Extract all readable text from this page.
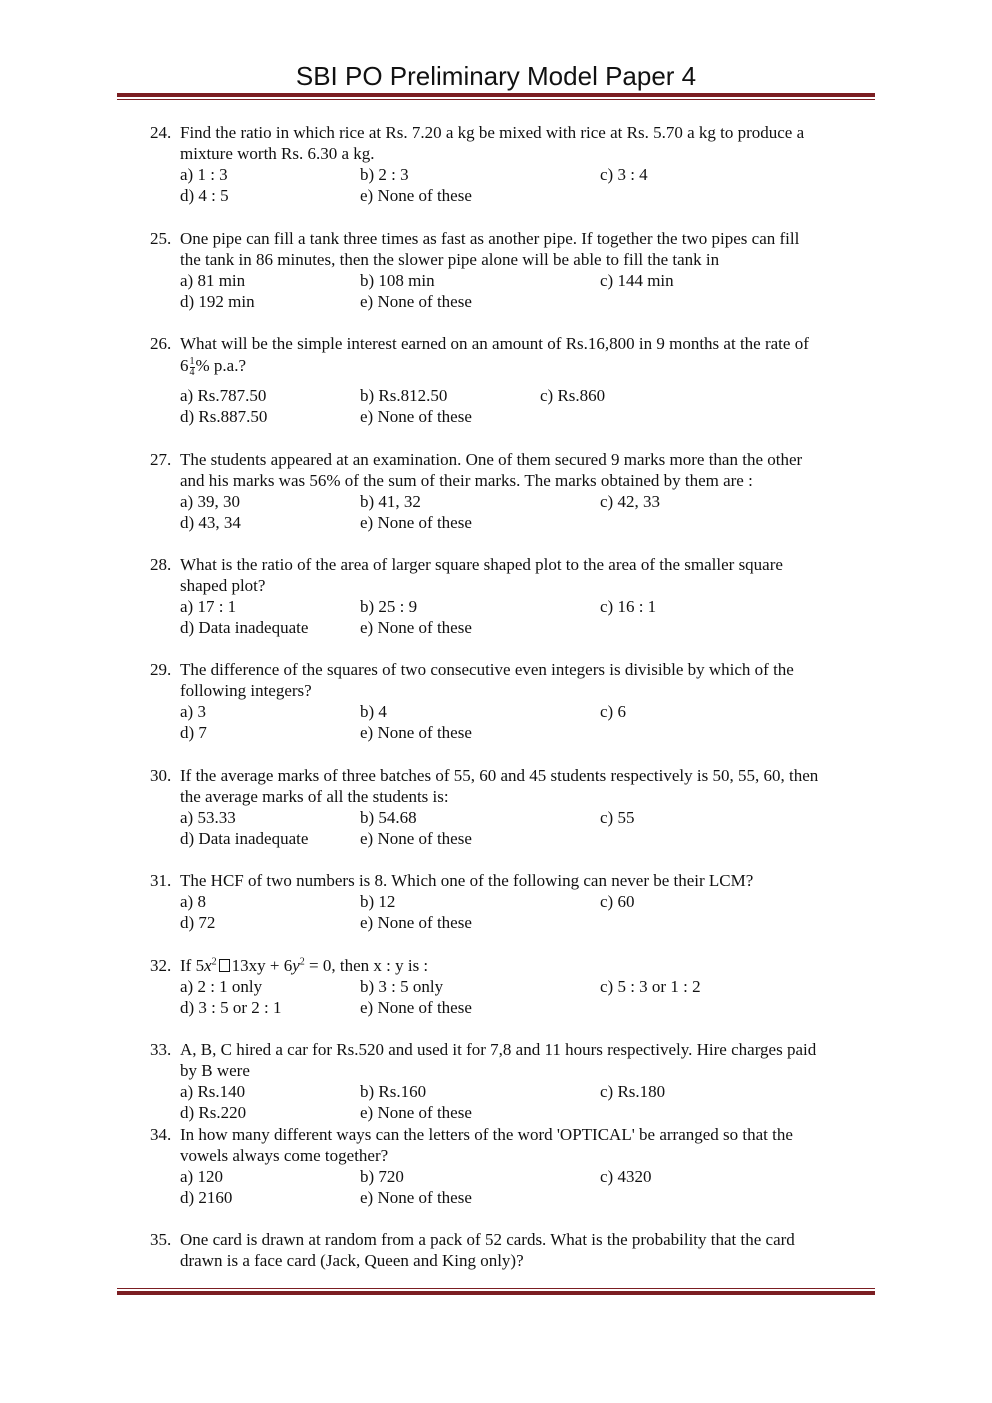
SBI PO Preliminary Model Paper 4
24. Find the ratio in which rice at Rs. 7.20 a kg be mixed with rice at Rs. 5.70 a kg to produce a
mixture worth Rs. 6.30 a kg.
a) 1 : 3	b) 2 : 3	c) 3 : 4
d) 4 : 5	e) None of these
25. One pipe can fill a tank three times as fast as another pipe. If together the two pipes can fill
the tank in 86 minutes, then the slower pipe alone will be able to fill the tank in
a) 81 min	b) 108 min	c) 144 min
d) 192 min	e) None of these
26. What will be the simple interest earned on an amount of Rs.16,800 in 9 months at the rate of
$6 \frac{1}{4}$ % p.a.?
a) Rs.787.50	b) Rs.812.50	c) Rs.860
d) Rs.887.50	e) None of these
27. The students appeared at an examination. One of them secured 9 marks more than the other
and his marks was 56% of the sum of their marks. The marks obtained by them are :
a) 39, 30	b) 41, 32	c) 42, 33
d) 43, 34	e) None of these
28. What is the ratio of the area of larger square shaped plot to the area of the smaller square
shaped plot?
a) 17 : 1	b) 25 : 9	c) 16 : 1
d) Data inadequate	e) None of these
29. The difference of the squares of two consecutive even integers is divisible by which of the
following integers?
a) 3	b) 4	c) 6
d) 7	e) None of these
30. If the average marks of three batches of 55, 60 and 45 students respectively is 50, 55, 60, then
the average marks of all the students is:
a) 53.33	b) 54.68	c) 55
d) Data inadequate	e) None of these
31. The HCF of two numbers is 8. Which one of the following can never be their LCM?
a) 8	b) 12	c) 60
d) 72	e) None of these
32. If $5x^2$ $13xy + 6y^2 = 0$, then x : y is :
a) 2 : 1 only	b) 3 : 5 only	c) 5 : 3 or 1 : 2
d) 3 : 5 or 2 : 1	e) None of these
33. A, B, C hired a car for Rs.520 and used it for 7,8 and 11 hours respectively. Hire charges paid
by B were
a) Rs.140	b) Rs.160	c) Rs.180
d) Rs.220	e) None of these
34. In how many different ways can the letters of the word 'OPTICAL' be arranged so that the
vowels always come together?
a) 120	b) 720	c) 4320
d) 2160	e) None of these
35. One card is drawn at random from a pack of 52 cards. What is the probability that the card
drawn is a face card (Jack, Queen and King only)?
